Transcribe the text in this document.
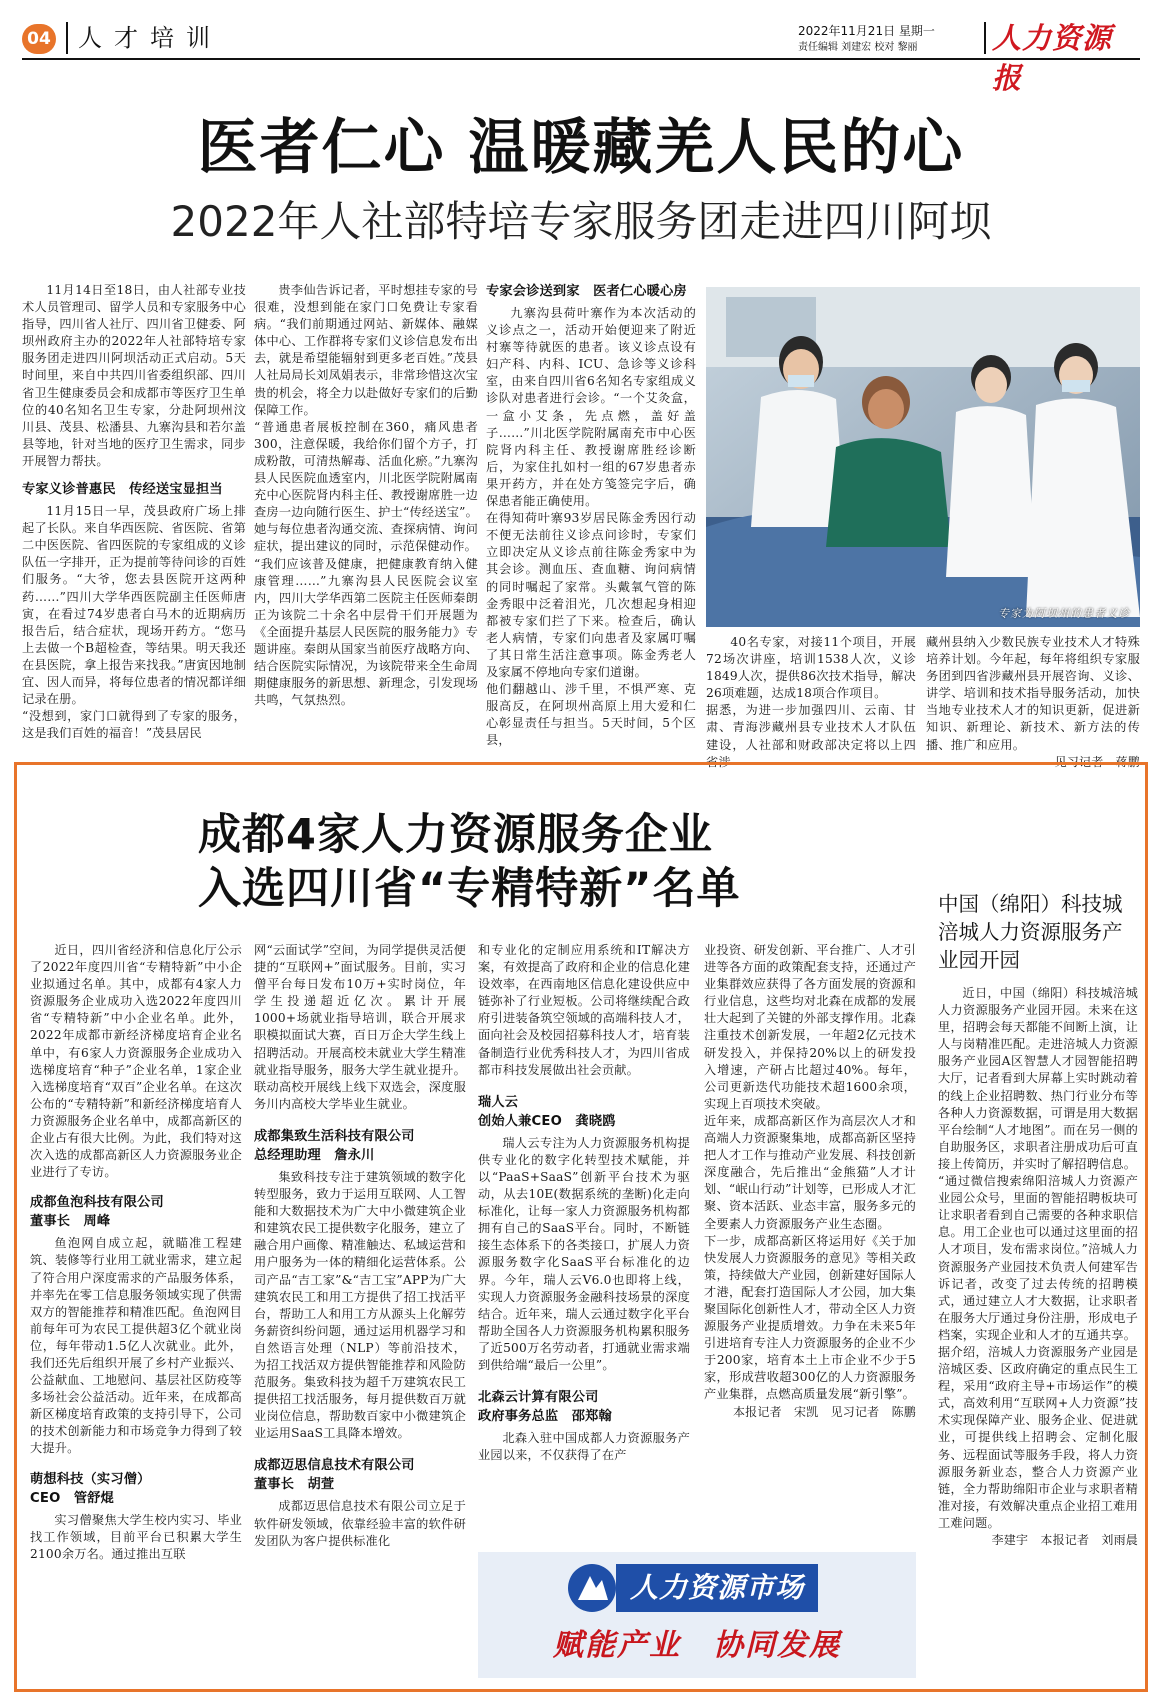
04	人才培训	2022年11月21日 星期一
责任编辑 刘建宏 校对 黎丽	人力资源报
医者仁心 温暖藏羌人民的心
2022年人社部特培专家服务团走进四川阿坝

11月14日至18日，由人社部专业技术人员管理司、留学人员和专家服务中心指导，四川省人社厅、四川省卫健委、阿坝州政府主办的2022年人社部特培专家服务团走进四川阿坝活动正式启动。5天时间里，来自中共四川省委组织部、四川省卫生健康委员会和成都市等医疗卫生单位的40名知名卫生专家，分赴阿坝州汶川县、茂县、松潘县、九寨沟县和若尔盖县等地，针对当地的医疗卫生需求，同步开展智力帮扶。

专家义诊普惠民　传经送宝显担当

11月15日一早，茂县政府广场上排起了长队。来自华西医院、省医院、省第二中医医院、省四医院的专家组成的义诊队伍一字排开，正为提前等待问诊的百姓们服务。“大爷，您去县医院开这两种药……”四川大学华西医院副主任医师唐寅，在看过74岁患者白马木的近期病历报告后，结合症状，现场开药方。“您马上去做一个B超检查，等结果。明天我还在县医院，拿上报告来找我。”唐寅因地制宜、因人而异，将每位患者的情况都详细记录在册。
“没想到，家门口就得到了专家的服务，这是我们百姓的福音！”茂县居民

贵李仙告诉记者，平时想挂专家的号很难，没想到能在家门口免费让专家看病。“我们前期通过网站、新媒体、融媒体中心、工作群将专家们义诊信息发布出去，就是希望能辐射到更多老百姓。”茂县人社局局长刘凤娟表示，非常珍惜这次宝贵的机会，将全力以赴做好专家们的后勤保障工作。
“普通患者展板控制在360，痛风患者300，注意保暖，我给你们留个方子，打成粉散，可清热解毒、活血化瘀。”九寨沟县人民医院血透室内，川北医学院附属南充中心医院肾内科主任、教授谢席胜一边查房一边向随行医生、护士“传经送宝”。她与每位患者沟通交流、查探病情、询问症状，提出建议的同时，示范保健动作。
“我们应该普及健康，把健康教育纳入健康管理……”九寨沟县人民医院会议室内，四川大学华西第二医院主任医师秦朗正为该院二十余名中层骨干们开展题为《全面提升基层人民医院的服务能力》专题讲座。秦朗从国家当前医疗战略方向、结合医院实际情况，为该院带来全生命周期健康服务的新思想、新理念，引发现场共鸣，气氛热烈。

专家会诊送到家　医者仁心暖心房

九寨沟县荷叶寨作为本次活动的义诊点之一，活动开始便迎来了附近村寨等待就医的患者。该义诊点设有妇产科、内科、ICU、急诊等义诊科室，由来自四川省6名知名专家组成义诊队对患者进行会诊。“一个艾灸盒，一盒小艾条，先点燃，盖好盖子……”川北医学院附属南充市中心医院肾内科主任、教授谢席胜经诊断后，为家住扎如村一组的67岁患者赤果开药方，并在处方笺签完字后，确保患者能正确使用。
在得知荷叶寨93岁居民陈金秀因行动不便无法前往义诊点问诊时，专家们立即决定从义诊点前往陈金秀家中为其会诊。测血压、查血糖、询问病情的同时嘱起了家常。头戴氧气管的陈金秀眼中泛着泪光，几次想起身相迎都被专家们拦了下来。检查后，确认老人病情，专家们向患者及家属叮嘱了其日常生活注意事项。陈金秀老人及家属不停地向专家们道谢。
他们翻越山、涉千里，不惧严寒、克服高反，在阿坝州高原上用大爱和仁心彰显责任与担当。5天时间，5个区县，

专家为阿坝州的患者义诊

40名专家，对接11个项目，开展72场次讲座，培训1538人次，义诊1849人次，提供86次技术指导，解决26项难题，达成18项合作项目。
据悉，为进一步加强四川、云南、甘肃、青海涉藏州县专业技术人才队伍建设，人社部和财政部决定将以上四省涉

藏州县纳入少数民族专业技术人才特殊培养计划。今年起，每年将组织专家服务团到四省涉藏州县开展咨询、义诊、讲学、培训和技术指导服务活动，加快当地专业技术人才的知识更新，促进新知识、新理论、新技术、新方法的传播、推广和应用。

见习记者　蒋鹏
成都4家人力资源服务企业
入选四川省“专精特新”名单

近日，四川省经济和信息化厅公示了2022年度四川省“专精特新”中小企业拟通过名单。其中，成都有4家人力资源服务企业成功入选2022年度四川省“专精特新”中小企业名单。此外，2022年成都市新经济梯度培育企业名单中，有6家人力资源服务企业成功入选梯度培育“种子”企业名单，1家企业入选梯度培育“双百”企业名单。在这次公布的“专精特新”和新经济梯度培育人力资源服务企业名单中，成都高新区的企业占有很大比例。为此，我们特对这次入选的成都高新区人力资源服务业企业进行了专访。

成都鱼泡科技有限公司
董事长　周峰

鱼泡网自成立起，就瞄准工程建筑、装修等行业用工就业需求，建立起了符合用户深度需求的产品服务体系，并率先在零工信息服务领域实现了供需双方的智能推荐和精准匹配。鱼泡网目前每年可为农民工提供超3亿个就业岗位，每年带动1.5亿人次就业。此外，我们还先后组织开展了乡村产业振兴、公益献血、工地慰问、基层社区防疫等多场社会公益活动。近年来，在成都高新区梯度培育政策的支持引导下，公司的技术创新能力和市场竞争力得到了较大提升。

萌想科技（实习僧）
CEO　管舒焜

实习僧聚焦大学生校内实习、毕业找工作领域，目前平台已积累大学生2100余万名。通过推出互联

网“云面试学”空间，为同学提供灵活便捷的“互联网+”面试服务。目前，实习僧平台每日发布10万+实时岗位，年学生投递超近亿次。累计开展1000+场就业指导培训，联合开展求职模拟面试大赛，百日万企大学生线上招聘活动。开展高校未就业大学生精准就业指导服务，服务大学生就业提升。联动高校开展线上线下双选会，深度服务川内高校大学毕业生就业。

成都集致生活科技有限公司
总经理助理　詹永川

集致科技专注于建筑领域的数字化转型服务，致力于运用互联网、人工智能和大数据技术为广大中小微建筑企业和建筑农民工提供数字化服务，建立了融合用户画像、精准触达、私域运营和用户服务为一体的精细化运营体系。公司产品“吉工家”&“吉工宝”APP为广大建筑农民工和用工方提供了招工找活平台，帮助工人和用工方从源头上化解劳务薪资纠纷问题，通过运用机器学习和自然语言处理（NLP）等前沿技术，为招工找活双方提供智能推荐和风险防范服务。集致科技为超千万建筑农民工提供招工找活服务，每月提供数百万就业岗位信息，帮助数百家中小微建筑企业运用SaaS工具降本增效。

成都迈思信息技术有限公司
董事长　胡萱

成都迈思信息技术有限公司立足于软件研发领域，依靠经验丰富的软件研发团队为客户提供标准化

和专业化的定制应用系统和IT解决方案，有效提高了政府和企业的信息化建设效率，在西南地区信息化建设供应中链弥补了行业短板。公司将继续配合政府引进装备筑空领域的高端科技人才，面向社会及校园招募科技人才，培育装备制造行业优秀科技人才，为四川省成都市科技发展做出社会贡献。

瑞人云
创始人兼CEO　龚晓鸥

瑞人云专注为人力资源服务机构提供专业化的数字化转型技术赋能，并以“PaaS+SaaS”创新平台技术为驱动，从去10E(数据系统的垄断)化走向标准化，让每一家人力资源服务机构都拥有自己的SaaS平台。同时，不断链接生态体系下的各类接口，扩展人力资源服务数字化SaaS平台标准化的边界。今年，瑞人云V6.0也即将上线，实现人力资源服务金融科技场景的深度结合。近年来，瑞人云通过数字化平台帮助全国各人力资源服务机构累积服务了近500万名劳动者，打通就业需求端到供给端“最后一公里”。

北森云计算有限公司
政府事务总监　邵郑翰

北森入驻中国成都人力资源服务产业园以来，不仅获得了在产

业投资、研发创新、平台推广、人才引进等各方面的政策配套支持，还通过产业集群效应获得了各方面发展的资源和行业信息，这些均对北森在成都的发展壮大起到了关键的外部支撑作用。北森注重技术创新发展，一年超2亿元技术研发投入，并保持20%以上的研发投入增速，产研占比超过40%。每年，公司更新迭代功能技术超1600余项，实现上百项技术突破。
近年来，成都高新区作为高层次人才和高端人力资源聚集地，成都高新区坚持把人才工作与推动产业发展、科技创新深度融合，先后推出“金熊猫”人才计划、“岷山行动”计划等，已形成人才汇聚、资本活跃、业态丰富，服务多元的全要素人力资源服务产业生态圈。
下一步，成都高新区将运用好《关于加快发展人力资源服务的意见》等相关政策，持续做大产业园，创新建好国际人才港，配套打造国际人才公园，加大集聚国际化创新性人才，带动全区人力资源服务产业提质增效。力争在未来5年引进培育专注人力资源服务的企业不少于200家，培育本土上市企业不少于5家，形成营收超300亿的人力资源服务产业集群，点燃高质量发展“新引擎”。

本报记者　宋凯　见习记者　陈鹏
人力资源市场
赋能产业　协同发展
中国（绵阳）科技城涪城人力资源服务产业园开园

近日，中国（绵阳）科技城涪城人力资源服务产业园开园。未来在这里，招聘会每天都能不间断上演，让人与岗精准匹配。走进涪城人力资源服务产业园A区智慧人才园智能招聘大厅，记者看到大屏幕上实时跳动着的线上企业招聘数、热门行业分布等各种人力资源数据，可谓是用大数据平台绘制“人才地图”。而在另一侧的自助服务区，求职者注册成功后可直接上传简历，并实时了解招聘信息。
“通过微信搜索绵阳涪城人力资源产业园公众号，里面的智能招聘板块可让求职者看到自己需要的各种求职信息。用工企业也可以通过这里面的招人才项目，发布需求岗位。”涪城人力资源服务产业园技术负责人何建军告诉记者，改变了过去传统的招聘模式，通过建立人才大数据，让求职者在服务大厅通过身份注册，形成电子档案，实现企业和人才的互通共享。
据介绍，涪城人力资源服务产业园是涪城区委、区政府确定的重点民生工程，采用“政府主导+市场运作”的模式，高效利用“互联网+人力资源”技术实现保障产业、服务企业、促进就业，可提供线上招聘会、定制化服务、远程面试等服务手段，将人力资源服务新业态，整合人力资源产业链，全力帮助绵阳市企业与求职者精准对接，有效解决重点企业招工难用工难问题。

李建宇　本报记者　刘雨晨
